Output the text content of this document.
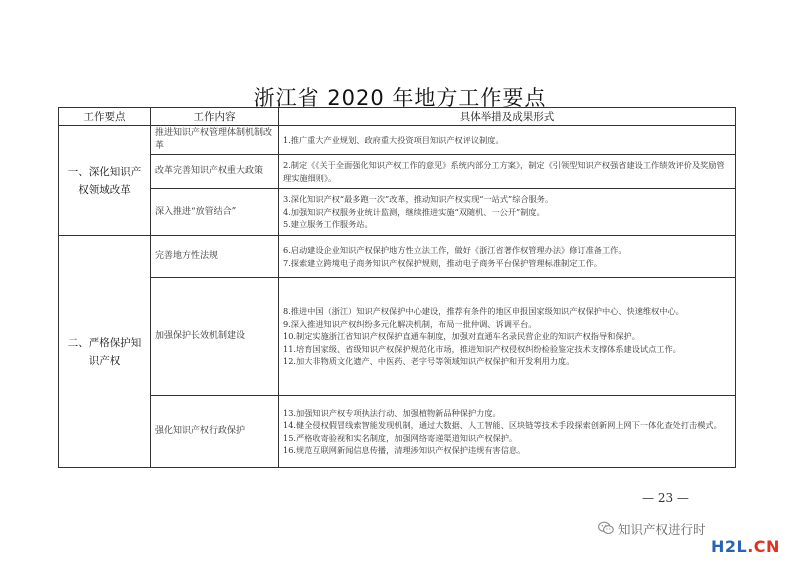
浙江省 2020 年地方工作要点
工作要点	工作内容	具体举措及成果形式
一、深化知识产权领域改革	推进知识产权管理体制机制改革	1.推广重大产业规划、政府重大投资项目知识产权评议制度。

	改革完善知识产权重大政策	2.制定《《关于全面强化知识产权工作的意见》系统内部分工方案》，制定《引领型知识产权强省建设工作绩效评价及奖励管理实施细则》。

	深入推进“放管结合”	3.深化知识产权“最多跑一次”改革，推动知识产权实现“一站式”综合服务。
4.加强知识产权服务业统计监测，继续推进实施“双随机、一公开”制度。
5.建立服务工作服务站。

二、严格保护知识产权	完善地方性法规	6.启动建设企业知识产权保护地方性立法工作，做好《浙江省著作权管理办法》修订准备工作。
7.探索建立跨境电子商务知识产权保护规则，推动电子商务平台保护管理标准制定工作。

	加强保护长效机制建设	8.推进中国（浙江）知识产权保护中心建设，推荐有条件的地区申报国家级知识产权保护中心、快速维权中心。
9.深入推进知识产权纠纷多元化解决机制，布局一批仲调、诉调平台。
10.制定实施浙江省知识产权保护直通车制度，加强对直通车名录民营企业的知识产权指导和保护。
11.培育国家级、省级知识产权保护规范化市场，推进知识产权侵权纠纷检验鉴定技术支撑体系建设试点工作。
12.加大非物质文化遗产、中医药、老字号等领域知识产权保护和开发利用力度。

	强化知识产权行政保护	13.加强知识产权专项执法行动、加强植物新品种保护力度。
14.健全侵权假冒线索智能发现机制，通过大数据、人工智能、区块链等技术手段探索创新网上网下一体化查处打击模式。
15.严格收寄验视和实名制度，加强网络寄递渠道知识产权保护。
16.规范互联网新闻信息传播，清理涉知识产权保护违规有害信息。
— 23 —
知识产权进行时
H2L.CN
